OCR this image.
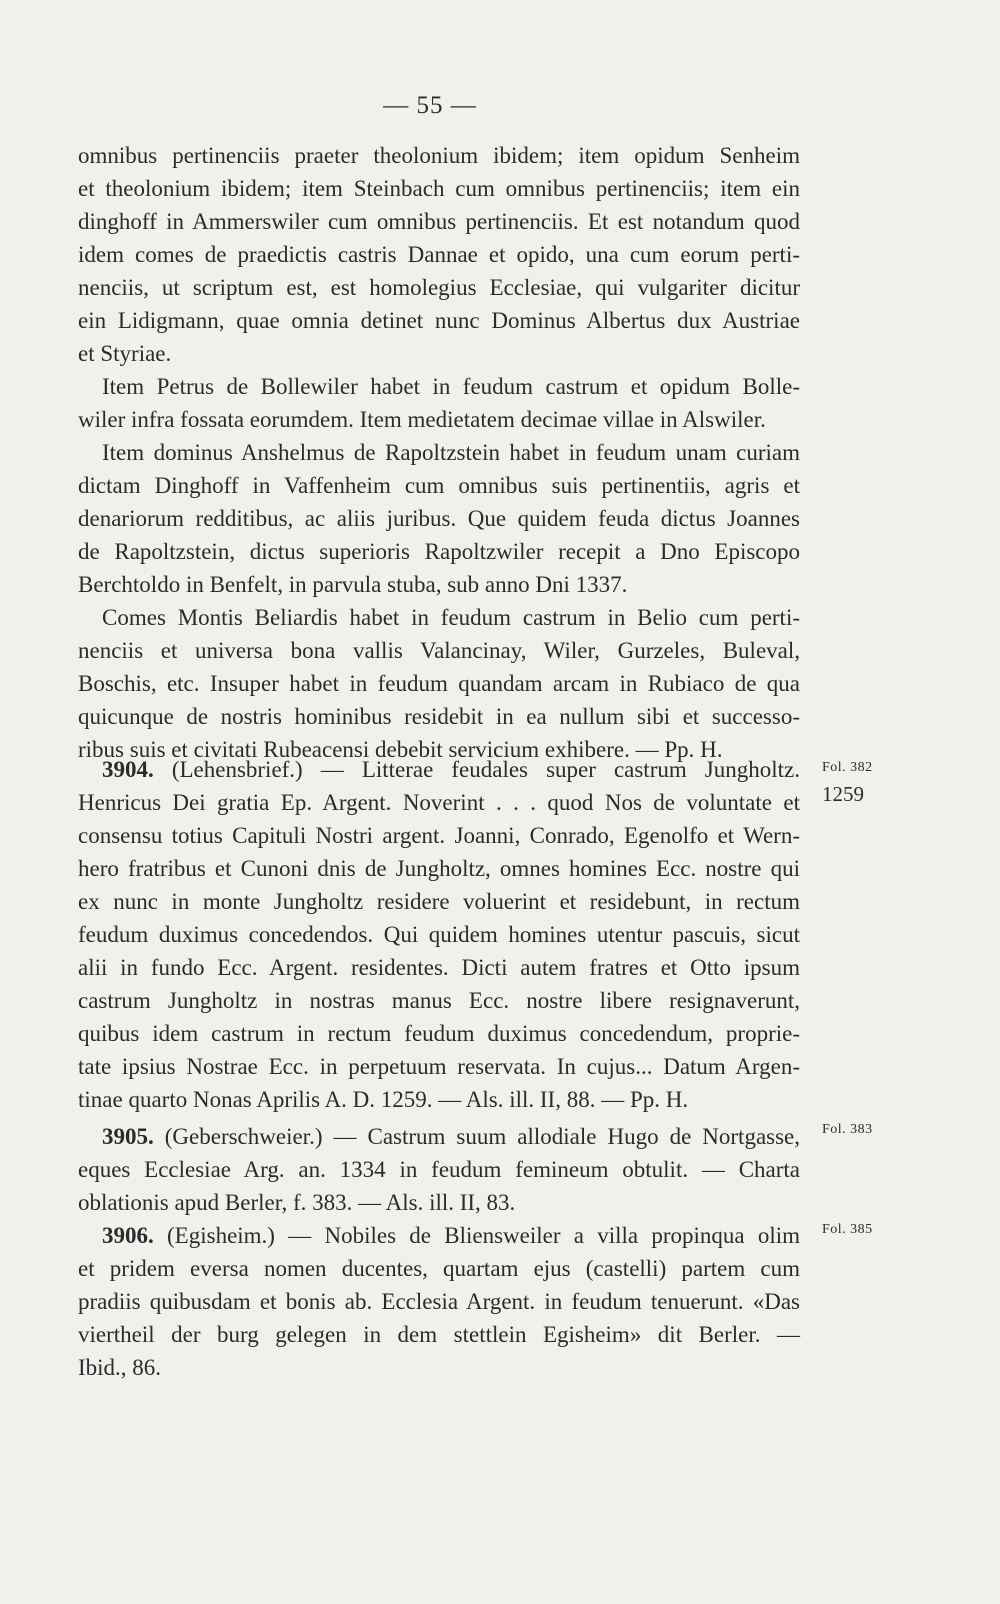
— 55 —
omnibus pertinenciis praeter theolonium ibidem; item opidum Senheim
et theolonium ibidem; item Steinbach cum omnibus pertinenciis; item ein
dinghoff in Ammerswiler cum omnibus pertinenciis. Et est notandum quod
idem comes de praedictis castris Dannae et opido, una cum eorum perti-
nenciis, ut scriptum est, est homolegius Ecclesiae, qui vulgariter dicitur
ein Lidigmann, quae omnia detinet nunc Dominus Albertus dux Austriae
et Styriae.
Item Petrus de Bollewiler habet in feudum castrum et opidum Bolle-
wiler infra fossata eorumdem. Item medietatem decimae villae in Alswiler.
Item dominus Anshelmus de Rapoltzstein habet in feudum unam curiam
dictam Dinghoff in Vaffenheim cum omnibus suis pertinentiis, agris et
denariorum redditibus, ac aliis juribus. Que quidem feuda dictus Joannes
de Rapoltzstein, dictus superioris Rapoltzwiler recepit a Dno Episcopo
Berchtoldo in Benfelt, in parvula stuba, sub anno Dni 1337.
Comes Montis Beliardis habet in feudum castrum in Belio cum perti-
nenciis et universa bona vallis Valancinay, Wiler, Gurzeles, Buleval,
Boschis, etc. Insuper habet in feudum quandam arcam in Rubiaco de qua
quicunque de nostris hominibus residebit in ea nullum sibi et successo-
ribus suis et civitati Rubeacensi debebit servicium exhibere. — Pp. H.
3904. (Lehensbrief.) — Litterae feudales super castrum Jungholtz.
Henricus Dei gratia Ep. Argent. Noverint . . . quod Nos de voluntate et
consensu totius Capituli Nostri argent. Joanni, Conrado, Egenolfo et Wern-
hero fratribus et Cunoni dnis de Jungholtz, omnes homines Ecc. nostre qui
ex nunc in monte Jungholtz residere voluerint et residebunt, in rectum
feudum duximus concedendos. Qui quidem homines utentur pascuis, sicut
alii in fundo Ecc. Argent. residentes. Dicti autem fratres et Otto ipsum
castrum Jungholtz in nostras manus Ecc. nostre libere resignaverunt,
quibus idem castrum in rectum feudum duximus concedendum, proprie-
tate ipsius Nostrae Ecc. in perpetuum reservata. In cujus... Datum Argen-
tinae quarto Nonas Aprilis A. D. 1259. — Als. ill. II, 88. — Pp. H.
Fol. 382
1259
3905. (Geberschweier.) — Castrum suum allodiale Hugo de Nortgasse,
eques Ecclesiae Arg. an. 1334 in feudum femineum obtulit. — Charta
oblationis apud Berler, f. 383. — Als. ill. II, 83.
Fol. 383
3906. (Egisheim.) — Nobiles de Bliensweiler a villa propinqua olim
et pridem eversa nomen ducentes, quartam ejus (castelli) partem cum
pradiis quibusdam et bonis ab. Ecclesia Argent. in feudum tenuerunt. «Das
viertheil der burg gelegen in dem stettlein Egisheim» dit Berler. —
Ibid., 86.
Fol. 385
